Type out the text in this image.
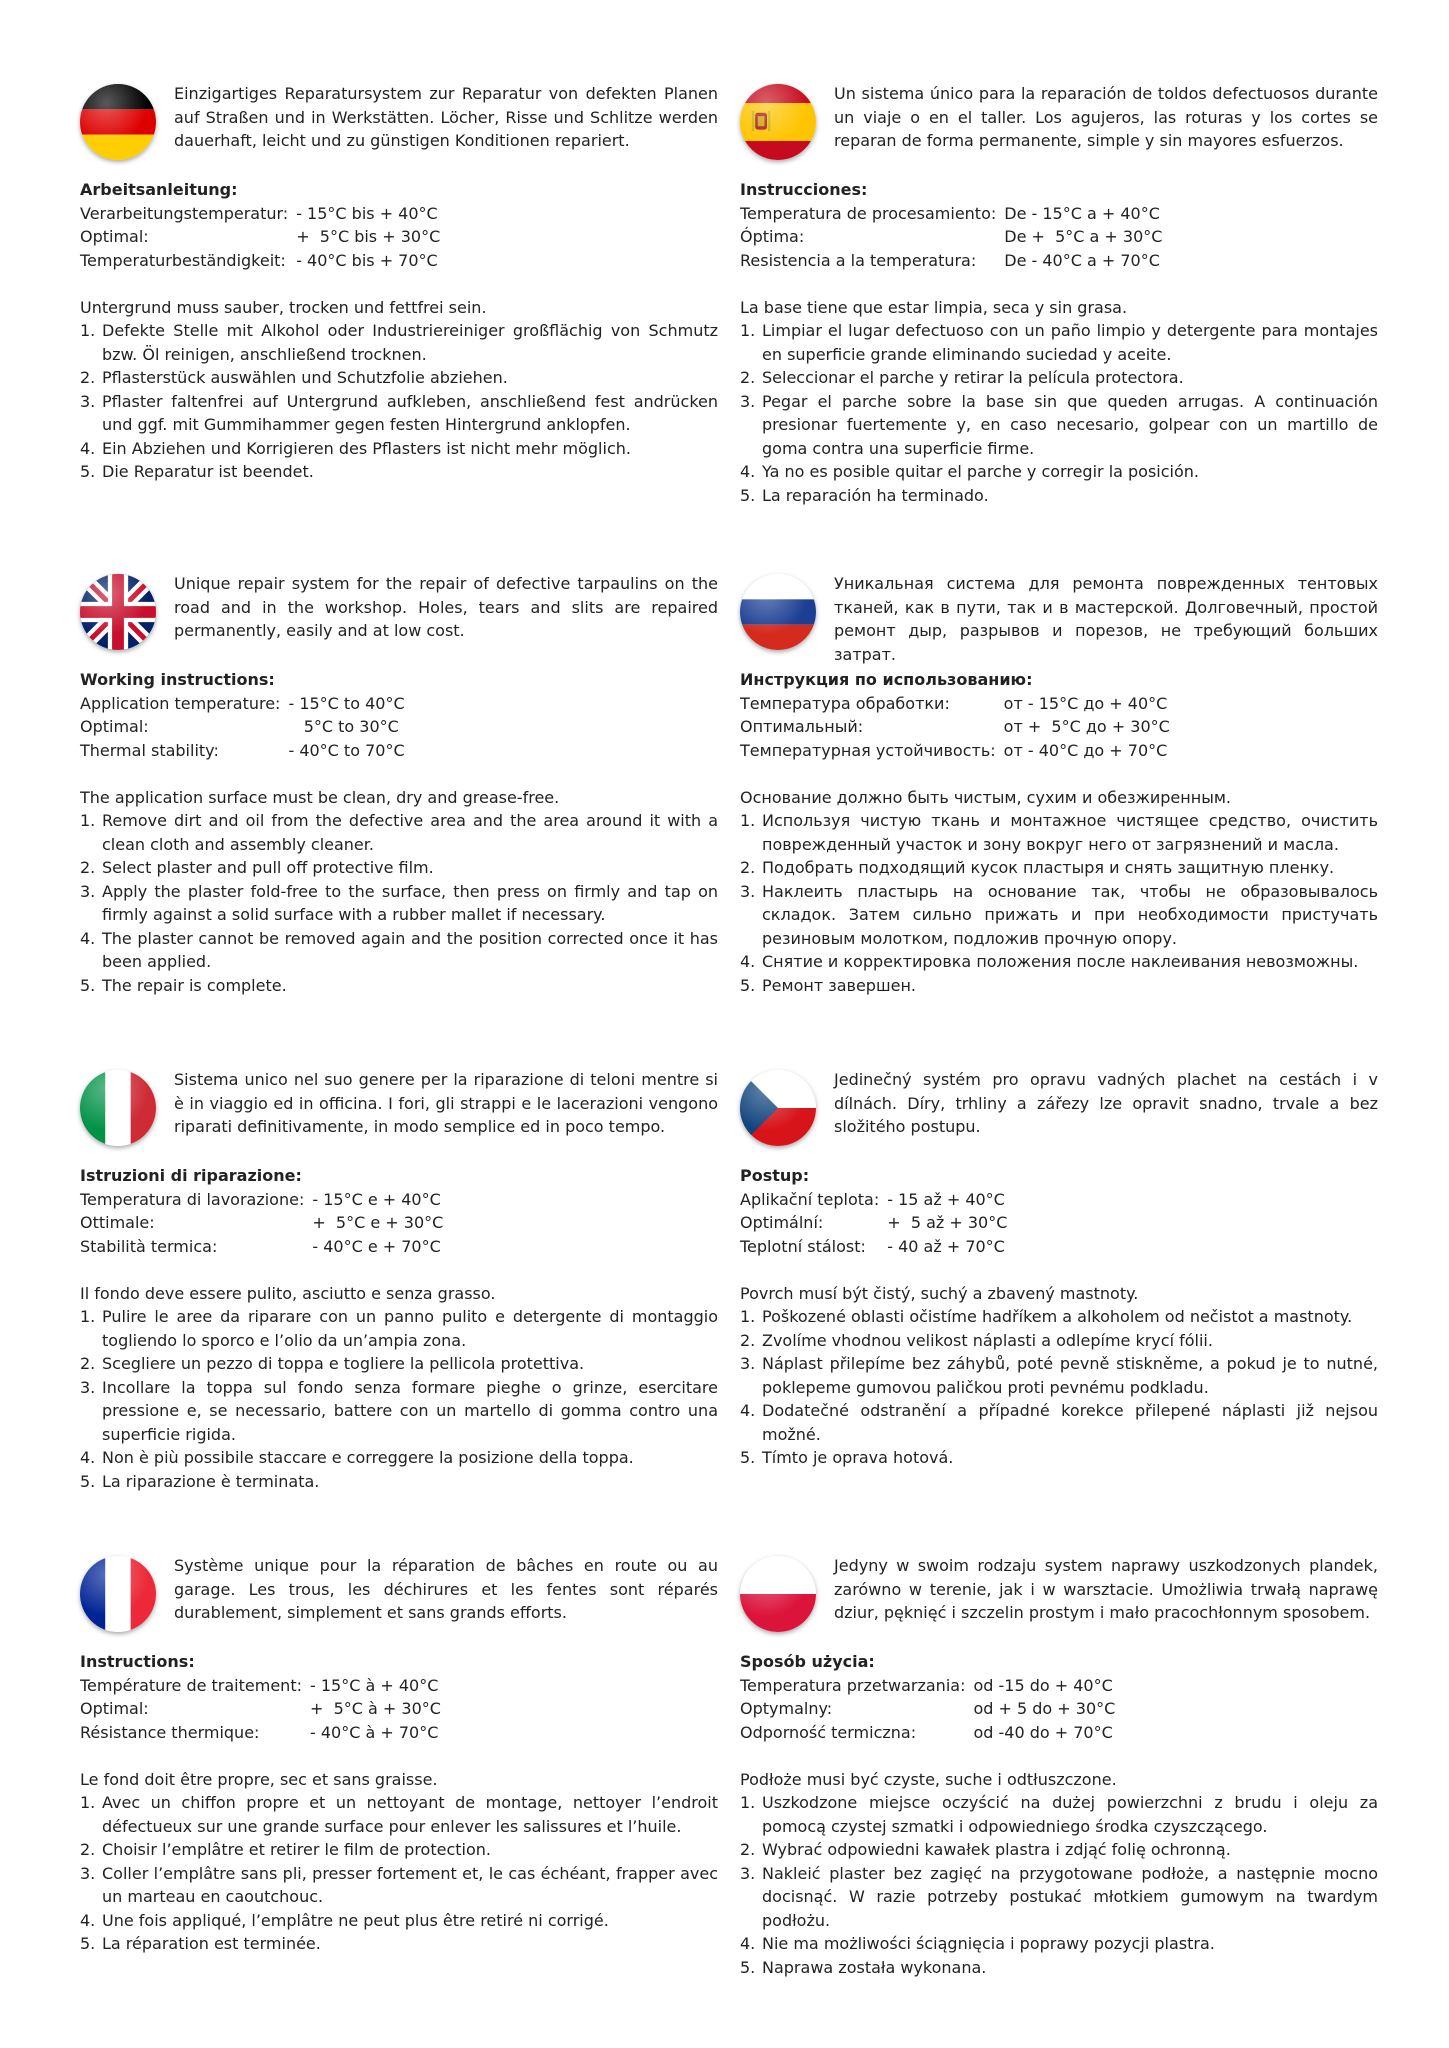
Einzigartiges Reparatursystem zur Reparatur von defekten Planen auf Straßen und in Werkstätten. Löcher, Risse und Schlitze werden dauerhaft, leicht und zu günstigen Konditionen repariert.

Arbeitsanleitung:

Verarbeitungstemperatur:	- 15°C bis + 40°C
Optimal:	+  5°C bis + 30°C
Temperaturbeständigkeit:	- 40°C bis + 70°C

Untergrund muss sauber, trocken und fettfrei sein.

1. Defekte Stelle mit Alkohol oder Industriereiniger großflächig von Schmutz bzw. Öl reinigen, anschließend trocknen.
2. Pflasterstück auswählen und Schutzfolie abziehen.
3. Pflaster faltenfrei auf Untergrund aufkleben, anschließend fest andrücken und ggf. mit Gummihammer gegen festen Hintergrund anklopfen.
4. Ein Abziehen und Korrigieren des Pflasters ist nicht mehr möglich.
5. Die Reparatur ist beendet.

Un sistema único para la reparación de toldos defectuosos durante un viaje o en el taller. Los agujeros, las roturas y los cortes se reparan de forma permanente, simple y sin mayores esfuerzos.

Instrucciones:

Temperatura de procesamiento:	De - 15°C a + 40°C
Óptima:	De +  5°C a + 30°C
Resistencia a la temperatura:	De - 40°C a + 70°C

La base tiene que estar limpia, seca y sin grasa.

1. Limpiar el lugar defectuoso con un paño limpio y detergente para montajes en superficie grande eliminando suciedad y aceite.
2. Seleccionar el parche y retirar la película protectora.
3. Pegar el parche sobre la base sin que queden arrugas. A continuación presionar fuertemente y, en caso necesario, golpear con un martillo de goma contra una superficie firme.
4. Ya no es posible quitar el parche y corregir la posición.
5. La reparación ha terminado.

Unique repair system for the repair of defective tarpaulins on the road and in the workshop. Holes, tears and slits are repaired permanently, easily and at low cost.

Working instructions:

Application temperature:	- 15°C to 40°C
Optimal:	5°C to 30°C
Thermal stability:	- 40°C to 70°C

The application surface must be clean, dry and grease-free.

1. Remove dirt and oil from the defective area and the area around it with a clean cloth and assembly cleaner.
2. Select plaster and pull off protective film.
3. Apply the plaster fold-free to the surface, then press on firmly and tap on firmly against a solid surface with a rubber mallet if necessary.
4. The plaster cannot be removed again and the position corrected once it has been applied.
5. The repair is complete.

Уникальная система для ремонта поврежденных тентовых тканей, как в пути, так и в мастерской. Долговечный, простой ремонт дыр, разрывов и порезов, не требующий больших затрат.

Инструкция по использованию:

Температура обработки:	от - 15°C до + 40°C
Оптимальный:	от +  5°C до + 30°C
Температурная устойчивость:	от - 40°C до + 70°C

Основание должно быть чистым, сухим и обезжиренным.

1. Используя чистую ткань и монтажное чистящее средство, очистить поврежденный участок и зону вокруг него от загрязнений и масла.
2. Подобрать подходящий кусок пластыря и снять защитную пленку.
3. Наклеить пластырь на основание так, чтобы не образовывалось складок. Затем сильно прижать и при необходимости пристучать резиновым молотком, подложив прочную опору.
4. Снятие и корректировка положения после наклеивания невозможны.
5. Ремонт завершен.

Sistema unico nel suo genere per la riparazione di teloni mentre si è in viaggio ed in officina. I fori, gli strappi e le lacerazioni vengono riparati definitivamente, in modo semplice ed in poco tempo.

Istruzioni di riparazione:

Temperatura di lavorazione:	- 15°C e + 40°C
Ottimale:	+  5°C e + 30°C
Stabilità termica:	- 40°C e + 70°C

Il fondo deve essere pulito, asciutto e senza grasso.

1. Pulire le aree da riparare con un panno pulito e detergente di montaggio togliendo lo sporco e l’olio da un’ampia zona.
2. Scegliere un pezzo di toppa e togliere la pellicola protettiva.
3. Incollare la toppa sul fondo senza formare pieghe o grinze, esercitare pressione e, se necessario, battere con un martello di gomma contro una superficie rigida.
4. Non è più possibile staccare e correggere la posizione della toppa.
5. La riparazione è terminata.

Jedinečný systém pro opravu vadných plachet na cestách i v dílnách. Díry, trhliny a zářezy lze opravit snadno, trvale a bez složitého postupu.

Postup:

Aplikační teplota:	- 15 až + 40°C
Optimální:	+  5 až + 30°C
Teplotní stálost:	- 40 až + 70°C

Povrch musí být čistý, suchý a zbavený mastnoty.

1. Poškozené oblasti očistíme hadříkem a alkoholem od nečistot a mastnoty.
2. Zvolíme vhodnou velikost náplasti a odlepíme krycí fólii.
3. Náplast přilepíme bez záhybů, poté pevně stiskněme, a pokud je to nutné, poklepeme gumovou paličkou proti pevnému podkladu.
4. Dodatečné odstranění a případné korekce přilepené náplasti již nejsou možné.
5. Tímto je oprava hotová.

Système unique pour la réparation de bâches en route ou au garage. Les trous, les déchirures et les fentes sont réparés durablement, simplement et sans grands efforts.

Instructions:

Température de traitement:	- 15°C à + 40°C
Optimal:	+  5°C à + 30°C
Résistance thermique:	- 40°C à + 70°C

Le fond doit être propre, sec et sans graisse.

1. Avec un chiffon propre et un nettoyant de montage, nettoyer l’endroit défectueux sur une grande surface pour enlever les salissures et l’huile.
2. Choisir l’emplâtre et retirer le film de protection.
3. Coller l’emplâtre sans pli, presser fortement et, le cas échéant, frapper avec un marteau en caoutchouc.
4. Une fois appliqué, l’emplâtre ne peut plus être retiré ni corrigé.
5. La réparation est terminée.

Jedyny w swoim rodzaju system naprawy uszkodzonych plandek, zarówno w terenie, jak i w warsztacie. Umożliwia trwałą naprawę dziur, pęknięć i szczelin prostym i mało pracochłonnym sposobem.

Sposób użycia:

Temperatura przetwarzania:	od -15 do + 40°C
Optymalny:	od + 5 do + 30°C
Odporność termiczna:	od -40 do + 70°C

Podłoże musi być czyste, suche i odtłuszczone.

1. Uszkodzone miejsce oczyścić na dużej powierzchni z brudu i oleju za pomocą czystej szmatki i odpowiedniego środka czyszczącego.
2. Wybrać odpowiedni kawałek plastra i zdjąć folię ochronną.
3. Nakleić plaster bez zagięć na przygotowane podłoże, a następnie mocno docisnąć. W razie potrzeby postukać młotkiem gumowym na twardym podłożu.
4. Nie ma możliwości ściągnięcia i poprawy pozycji plastra.
5. Naprawa została wykonana.
